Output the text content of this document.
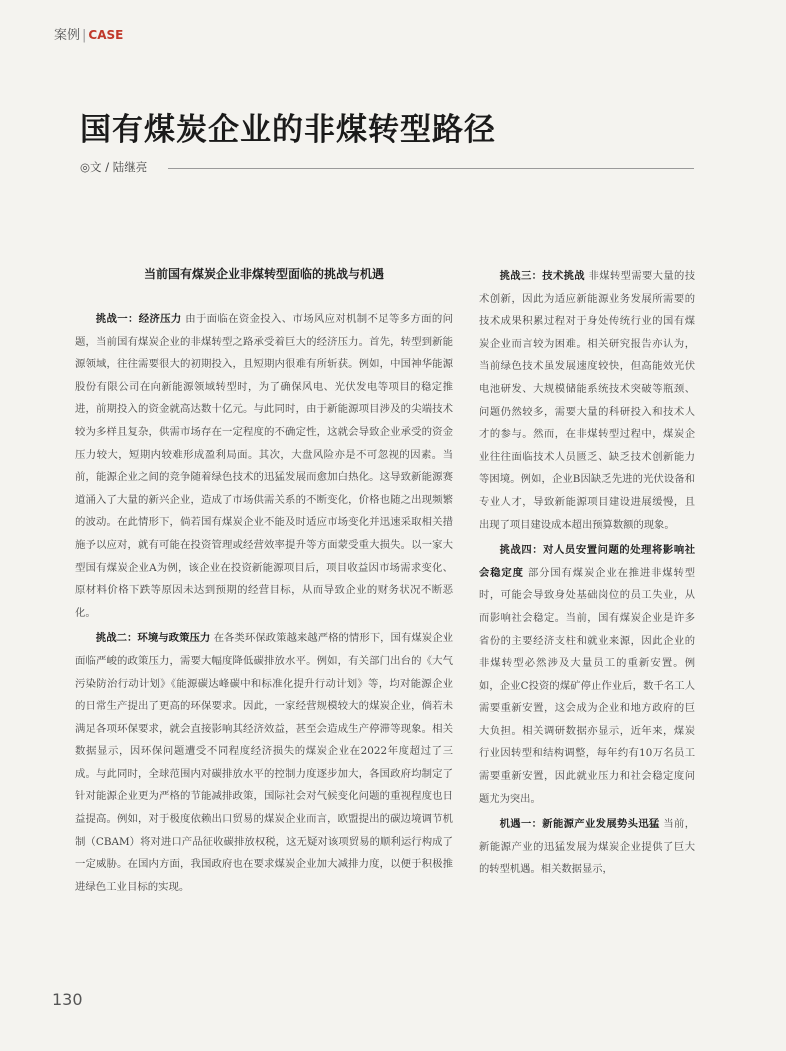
案例 | CASE
国有煤炭企业的非煤转型路径
◎文 / 陆继亮
当前国有煤炭企业非煤转型面临的挑战与机遇

挑战一：经济压力 由于面临在资金投入、市场风应对机制不足等多方面的问题，当前国有煤炭企业的非煤转型之路承受着巨大的经济压力。首先，转型到新能源领域，往往需要很大的初期投入，且短期内很难有所斩获。例如，中国神华能源股份有限公司在向新能源领域转型时，为了确保风电、光伏发电等项目的稳定推进，前期投入的资金就高达数十亿元。与此同时，由于新能源项目涉及的尖端技术较为多样且复杂，供需市场存在一定程度的不确定性，这就会导致企业承受的资金压力较大，短期内较难形成盈利局面。其次，大盘风险亦是不可忽视的因素。当前，能源企业之间的竞争随着绿色技术的迅猛发展而愈加白热化。这导致新能源赛道涌入了大量的新兴企业，造成了市场供需关系的不断变化，价格也随之出现频繁的波动。在此情形下，倘若国有煤炭企业不能及时适应市场变化并迅速采取相关措施予以应对，就有可能在投资管理或经营效率提升等方面蒙受重大损失。以一家大型国有煤炭企业A为例，该企业在投资新能源项目后，项目收益因市场需求变化、原材料价格下跌等原因未达到预期的经营目标，从而导致企业的财务状况不断恶化。

挑战二：环境与政策压力 在各类环保政策越来越严格的情形下，国有煤炭企业面临严峻的政策压力，需要大幅度降低碳排放水平。例如，有关部门出台的《大气污染防治行动计划》《能源碳达峰碳中和标准化提升行动计划》等，均对能源企业的日常生产提出了更高的环保要求。因此，一家经营规模较大的煤炭企业，倘若未满足各项环保要求，就会直接影响其经济效益，甚至会造成生产停滞等现象。相关数据显示，因环保问题遭受不同程度经济损失的煤炭企业在2022年度超过了三成。与此同时，全球范围内对碳排放水平的控制力度逐步加大，各国政府均制定了针对能源企业更为严格的节能减排政策，国际社会对气候变化问题的重视程度也日益提高。例如，对于极度依赖出口贸易的煤炭企业而言，欧盟提出的碳边境调节机制（CBAM）将对进口产品征收碳排放权税，这无疑对该项贸易的顺利运行构成了一定威胁。在国内方面，我国政府也在要求煤炭企业加大减排力度，以便于积极推进绿色工业目标的实现。

挑战三：技术挑战 非煤转型需要大量的技术创新，因此为适应新能源业务发展所需要的技术成果积累过程对于身处传统行业的国有煤炭企业而言较为困难。相关研究报告亦认为，当前绿色技术虽发展速度较快，但高能效光伏电池研发、大规模储能系统技术突破等瓶颈、问题仍然较多，需要大量的科研投入和技术人才的参与。然而，在非煤转型过程中，煤炭企业往往面临技术人员匮乏、缺乏技术创新能力等困境。例如，企业B因缺乏先进的光伏设备和专业人才，导致新能源项目建设进展缓慢，且出现了项目建设成本超出预算数额的现象。

挑战四：对人员安置问题的处理将影响社会稳定度 部分国有煤炭企业在推进非煤转型时，可能会导致身处基础岗位的员工失业，从而影响社会稳定。当前，国有煤炭企业是许多省份的主要经济支柱和就业来源，因此企业的非煤转型必然涉及大量员工的重新安置。例如，企业C投资的煤矿停止作业后，数千名工人需要重新安置，这会成为企业和地方政府的巨大负担。相关调研数据亦显示，近年来，煤炭行业因转型和结构调整，每年约有10万名员工需要重新安置，因此就业压力和社会稳定度问题尤为突出。

机遇一：新能源产业发展势头迅猛 当前，新能源产业的迅猛发展为煤炭企业提供了巨大的转型机遇。相关数据显示，

130
